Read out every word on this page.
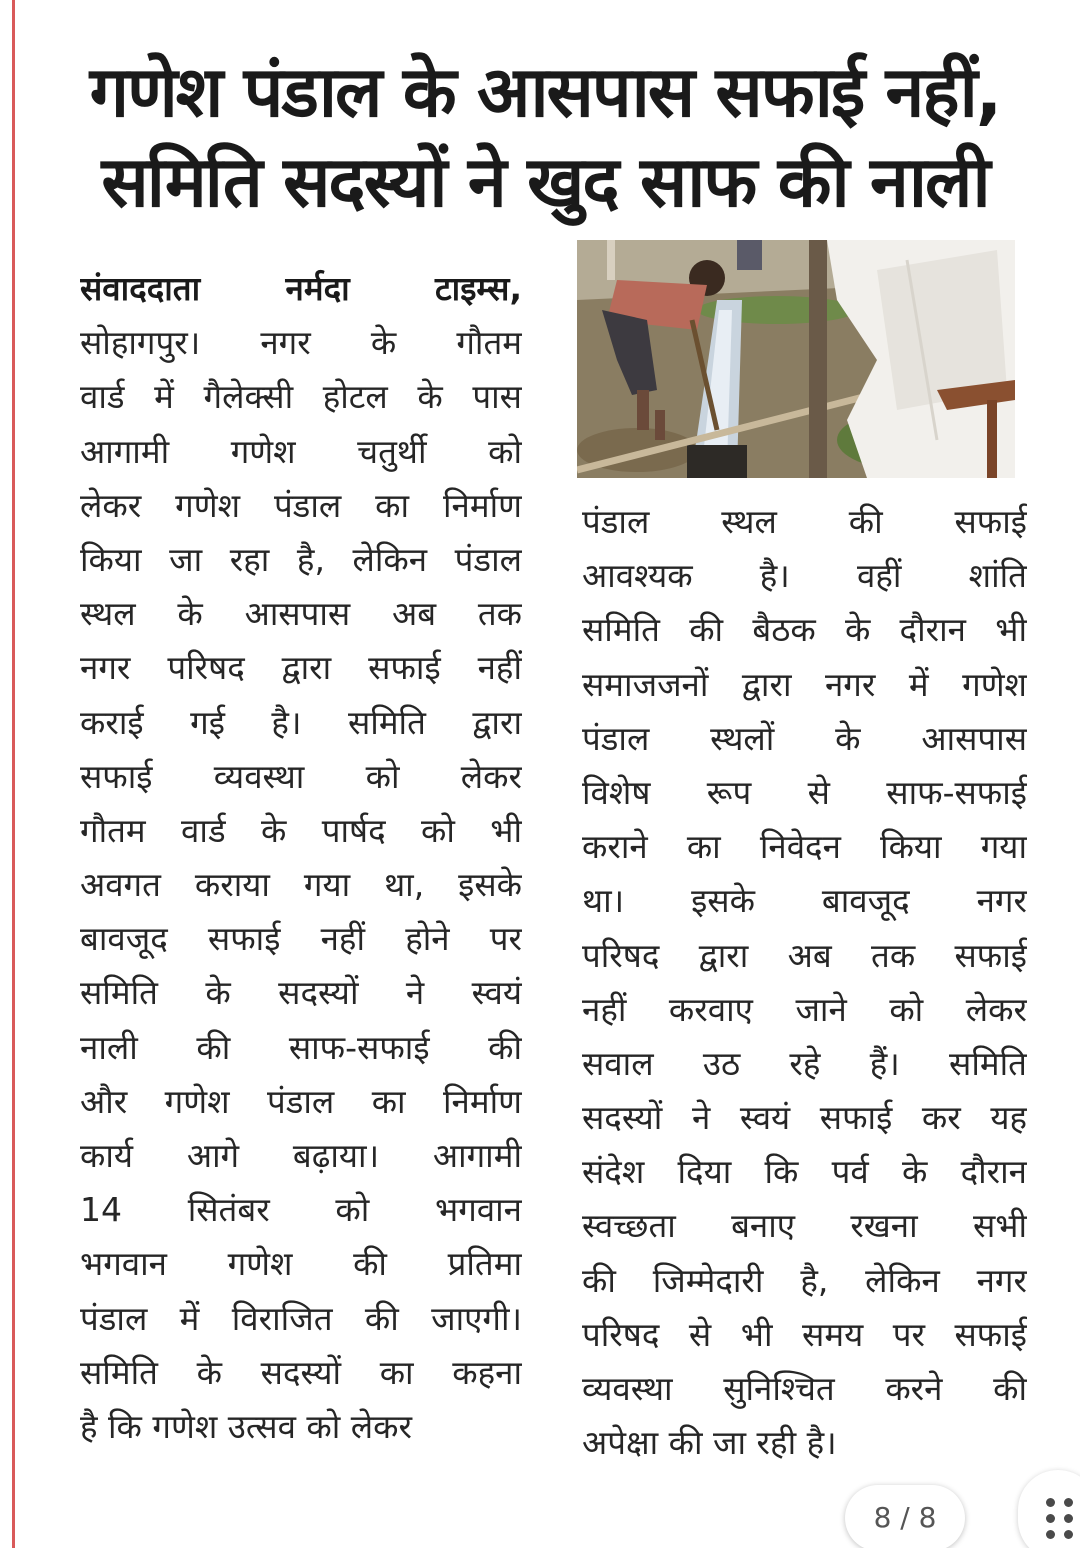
गणेश पंडाल के आसपास सफाई नहीं,
समिति सदस्यों ने खुद साफ की नाली
संवाददाता नर्मदा टाइम्स,
सोहागपुर। नगर के गौतम
वार्ड में गैलेक्सी होटल के पास
आगामी गणेश चतुर्थी को
लेकर गणेश पंडाल का निर्माण
किया जा रहा है, लेकिन पंडाल
स्थल के आसपास अब तक
नगर परिषद द्वारा सफाई नहीं
कराई गई है। समिति द्वारा
सफाई व्यवस्था को लेकर
गौतम वार्ड के पार्षद को भी
अवगत कराया गया था, इसके
बावजूद सफाई नहीं होने पर
समिति के सदस्यों ने स्वयं
नाली की साफ-सफाई की
और गणेश पंडाल का निर्माण
कार्य आगे बढ़ाया। आगामी
14 सितंबर को भगवान
भगवान गणेश की प्रतिमा
पंडाल में विराजित की जाएगी।
समिति के सदस्यों का कहना
है कि गणेश उत्सव को लेकर
पंडाल स्थल की सफाई
आवश्यक है। वहीं शांति
समिति की बैठक के दौरान भी
समाजजनों द्वारा नगर में गणेश
पंडाल स्थलों के आसपास
विशेष रूप से साफ-सफाई
कराने का निवेदन किया गया
था। इसके बावजूद नगर
परिषद द्वारा अब तक सफाई
नहीं करवाए जाने को लेकर
सवाल उठ रहे हैं। समिति
सदस्यों ने स्वयं सफाई कर यह
संदेश दिया कि पर्व के दौरान
स्वच्छता बनाए रखना सभी
की जिम्मेदारी है, लेकिन नगर
परिषद से भी समय पर सफाई
व्यवस्था सुनिश्चित करने की
अपेक्षा की जा रही है।
8 / 8
